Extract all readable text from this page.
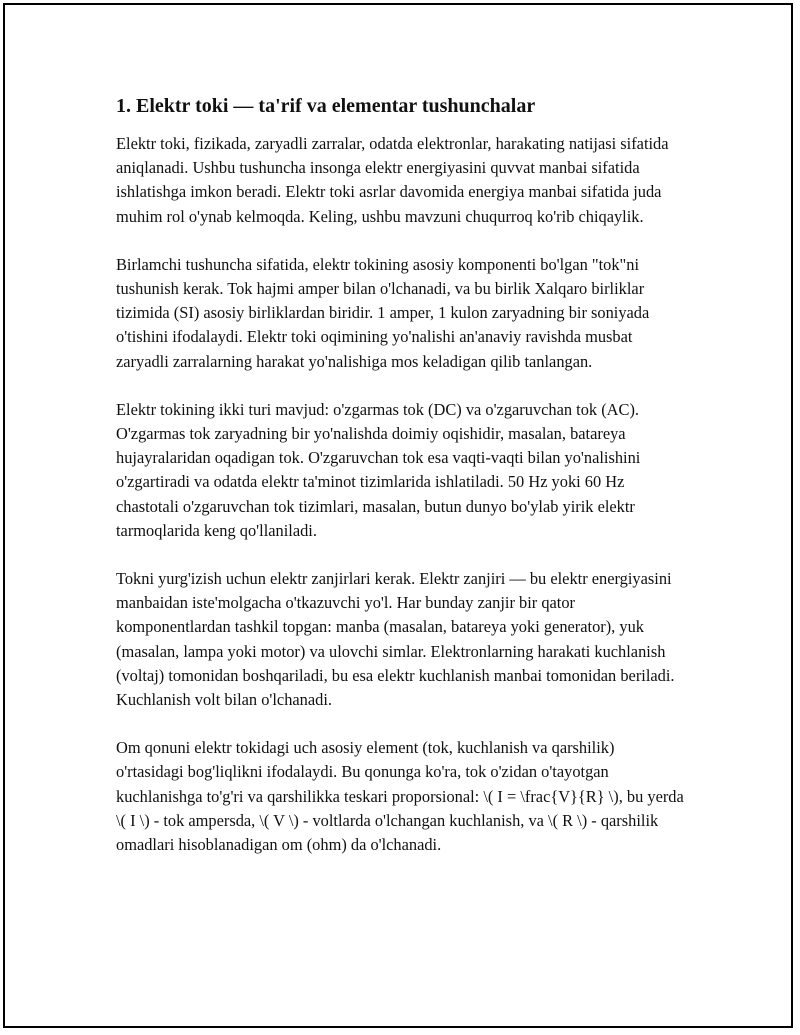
1. Elektr toki — ta'rif va elementar tushunchalar

Elektr toki, fizikada, zaryadli zarralar, odatda elektronlar, harakating natijasi sifatida aniqlanadi. Ushbu tushuncha insonga elektr energiyasini quvvat manbai sifatida ishlatishga imkon beradi. Elektr toki asrlar davomida energiya manbai sifatida juda muhim rol o'ynab kelmoqda. Keling, ushbu mavzuni chuqurroq ko'rib chiqaylik.

Birlamchi tushuncha sifatida, elektr tokining asosiy komponenti bo'lgan "tok"ni tushunish kerak. Tok hajmi amper bilan o'lchanadi, va bu birlik Xalqaro birliklar tizimida (SI) asosiy birliklardan biridir. 1 amper, 1 kulon zaryadning bir soniyada o'tishini ifodalaydi. Elektr toki oqimining yo'nalishi an'anaviy ravishda musbat zaryadli zarralarning harakat yo'nalishiga mos keladigan qilib tanlangan.

Elektr tokining ikki turi mavjud: o'zgarmas tok (DC) va o'zgaruvchan tok (AC). O'zgarmas tok zaryadning bir yo'nalishda doimiy oqishidir, masalan, batareya hujayralaridan oqadigan tok. O'zgaruvchan tok esa vaqti-vaqti bilan yo'nalishini o'zgartiradi va odatda elektr ta'minot tizimlarida ishlatiladi. 50 Hz yoki 60 Hz chastotali o'zgaruvchan tok tizimlari, masalan, butun dunyo bo'ylab yirik elektr tarmoqlarida keng qo'llaniladi.

Tokni yurg'izish uchun elektr zanjirlari kerak. Elektr zanjiri — bu elektr energiyasini manbaidan iste'molgacha o'tkazuvchi yo'l. Har bunday zanjir bir qator komponentlardan tashkil topgan: manba (masalan, batareya yoki generator), yuk (masalan, lampa yoki motor) va ulovchi simlar. Elektronlarning harakati kuchlanish (voltaj) tomonidan boshqariladi, bu esa elektr kuchlanish manbai tomonidan beriladi. Kuchlanish volt bilan o'lchanadi.

Om qonuni elektr tokidagi uch asosiy element (tok, kuchlanish va qarshilik) o'rtasidagi bog'liqlikni ifodalaydi. Bu qonunga ko'ra, tok o'zidan o'tayotgan kuchlanishga to'g'ri va qarshilikka teskari proporsional: \( I = \frac{V}{R} \), bu yerda \( I \) - tok ampersda, \( V \) - voltlarda o'lchangan kuchlanish, va \( R \) - qarshilik omadlari hisoblanadigan om (ohm) da o'lchanadi.
